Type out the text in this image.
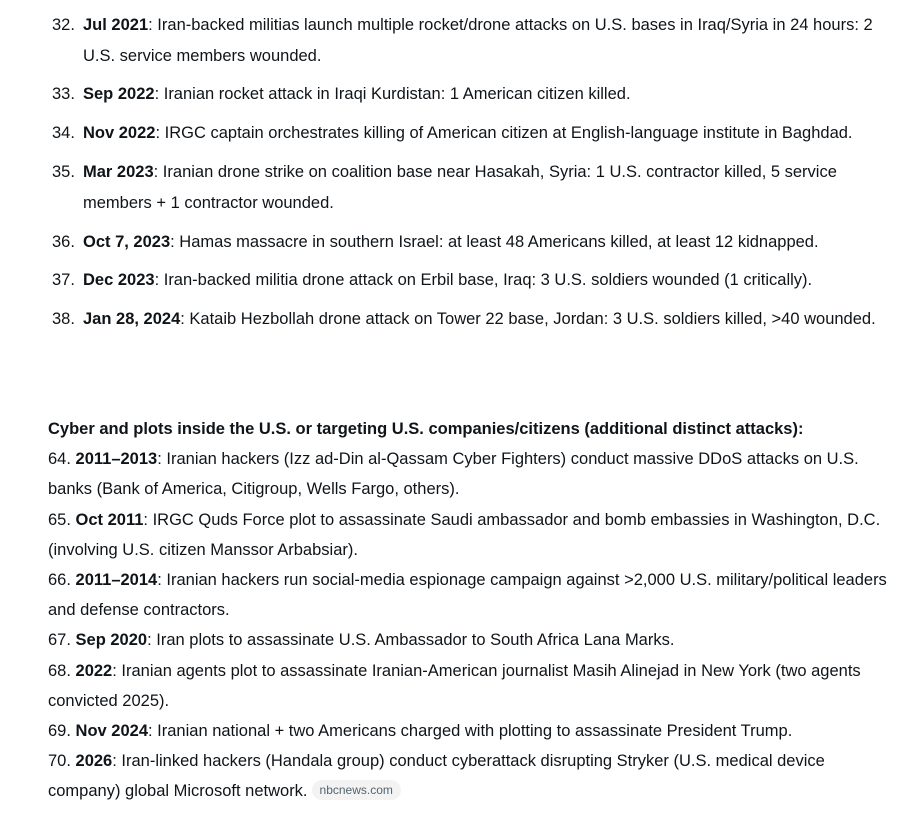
32. Jul 2021: Iran-backed militias launch multiple rocket/drone attacks on U.S. bases in Iraq/Syria in 24 hours: 2 U.S. service members wounded.
33. Sep 2022: Iranian rocket attack in Iraqi Kurdistan: 1 American citizen killed.
34. Nov 2022: IRGC captain orchestrates killing of American citizen at English-language institute in Baghdad.
35. Mar 2023: Iranian drone strike on coalition base near Hasakah, Syria: 1 U.S. contractor killed, 5 service members + 1 contractor wounded.
36. Oct 7, 2023: Hamas massacre in southern Israel: at least 48 Americans killed, at least 12 kidnapped.
37. Dec 2023: Iran-backed militia drone attack on Erbil base, Iraq: 3 U.S. soldiers wounded (1 critically).
38. Jan 28, 2024: Kataib Hezbollah drone attack on Tower 22 base, Jordan: 3 U.S. soldiers killed, >40 wounded.
Cyber and plots inside the U.S. or targeting U.S. companies/citizens (additional distinct attacks):
64. 2011–2013: Iranian hackers (Izz ad-Din al-Qassam Cyber Fighters) conduct massive DDoS attacks on U.S. banks (Bank of America, Citigroup, Wells Fargo, others).
65. Oct 2011: IRGC Quds Force plot to assassinate Saudi ambassador and bomb embassies in Washington, D.C. (involving U.S. citizen Manssor Arbabsiar).
66. 2011–2014: Iranian hackers run social-media espionage campaign against >2,000 U.S. military/political leaders and defense contractors.
67. Sep 2020: Iran plots to assassinate U.S. Ambassador to South Africa Lana Marks.
68. 2022: Iranian agents plot to assassinate Iranian-American journalist Masih Alinejad in New York (two agents convicted 2025).
69. Nov 2024: Iranian national + two Americans charged with plotting to assassinate President Trump.
70. 2026: Iran-linked hackers (Handala group) conduct cyberattack disrupting Stryker (U.S. medical device company) global Microsoft network. nbcnews.com
